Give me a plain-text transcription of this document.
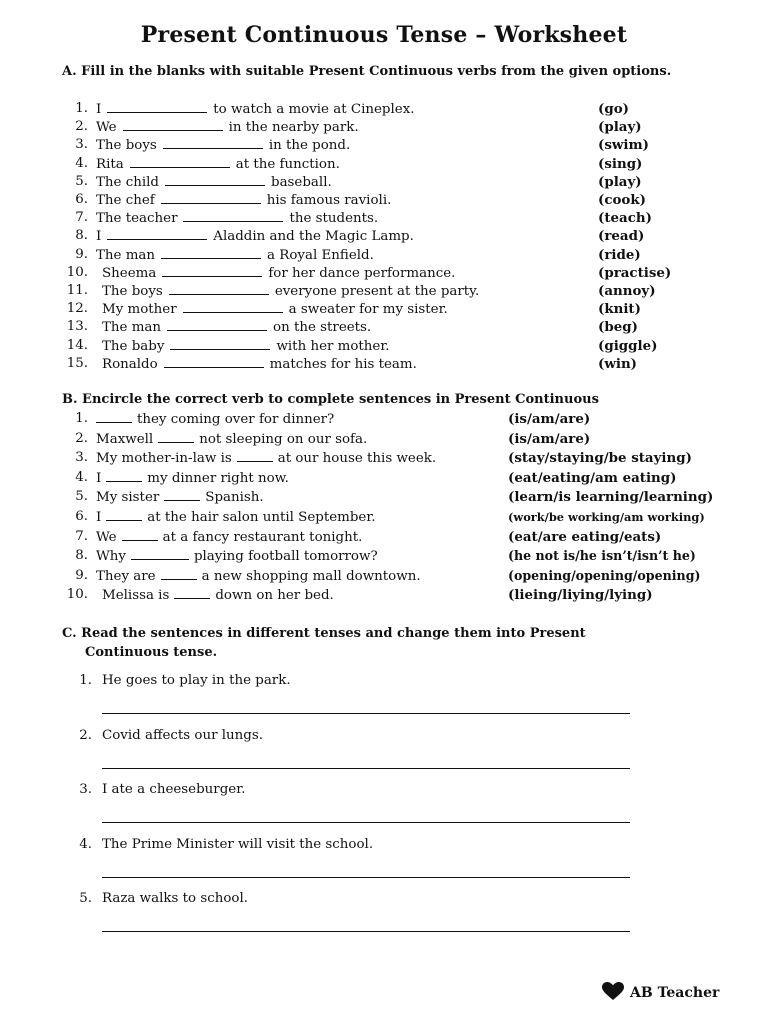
Present Continuous Tense – Worksheet
A. Fill in the blanks with suitable Present Continuous verbs from the given options.
1. I	to watch a movie at Cineplex.	(go)
2. We	in the nearby park.	(play)
3. The boys	in the pond.	(swim)
4. Rita	at the function.	(sing)
5. The child	baseball.	(play)
6. The chef	his famous ravioli.	(cook)
7. The teacher	the students.	(teach)
8. I	Aladdin and the Magic Lamp.	(read)
9. The man	a Royal Enfield.	(ride)
10. Sheema	for her dance performance.	(practise)
11. The boys	everyone present at the party.	(annoy)
12. My mother	a sweater for my sister.	(knit)
13. The man	on the streets.	(beg)
14. The baby	with her mother.	(giggle)
15. Ronaldo	matches for his team.	(win)
B. Encircle the correct verb to complete sentences in Present Continuous
1.	they coming over for dinner?	(is/am/are)
2. Maxwell	not sleeping on our sofa.	(is/am/are)
3. My mother-in-law is	at our house this week.	(stay/staying/be staying)
4. I	my dinner right now.	(eat/eating/am eating)
5. My sister	Spanish.	(learn/is learning/learning)
6. I	at the hair salon until September.	(work/be working/am working)
7. We	at a fancy restaurant tonight.	(eat/are eating/eats)
8. Why	playing football tomorrow?	(he not is/he isn’t/isn’t he)
9. They are	a new shopping mall downtown.	(opening/opening/opening)
10. Melissa is	down on her bed.	(lieing/liying/lying)
C. Read the sentences in different tenses and change them into Present
Continuous tense.
1. He goes to play in the park.
2. Covid affects our lungs.
3. I ate a cheeseburger.
4. The Prime Minister will visit the school.
5. Raza walks to school.
AB Teacher
